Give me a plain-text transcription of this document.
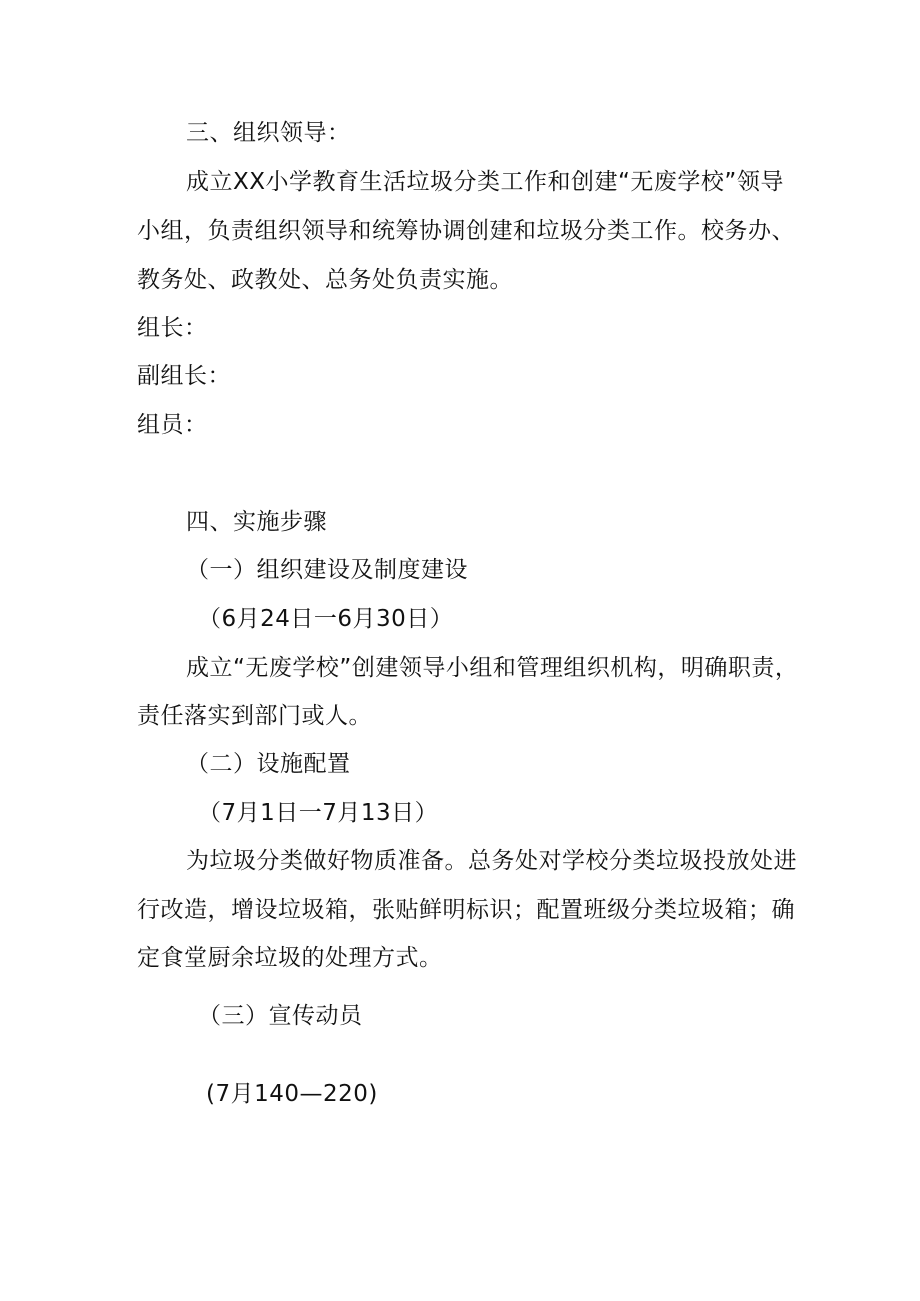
三、组织领导：
成立XX小学教育生活垃圾分类工作和创建“无废学校”领导
小组，负责组织领导和统筹协调创建和垃圾分类工作。校务办、
教务处、政教处、总务处负责实施。
组长：
副组长：
组员：
四、实施步骤
（一）组织建设及制度建设
（6月24日一6月30日）
成立“无废学校”创建领导小组和管理组织机构，明确职责，
责任落实到部门或人。
（二）设施配置
（7月1日一7月13日）
为垃圾分类做好物质准备。总务处对学校分类垃圾投放处进
行改造，增设垃圾箱，张贴鲜明标识；配置班级分类垃圾箱；确
定食堂厨余垃圾的处理方式。
（三）宣传动员
(7月140—220)
